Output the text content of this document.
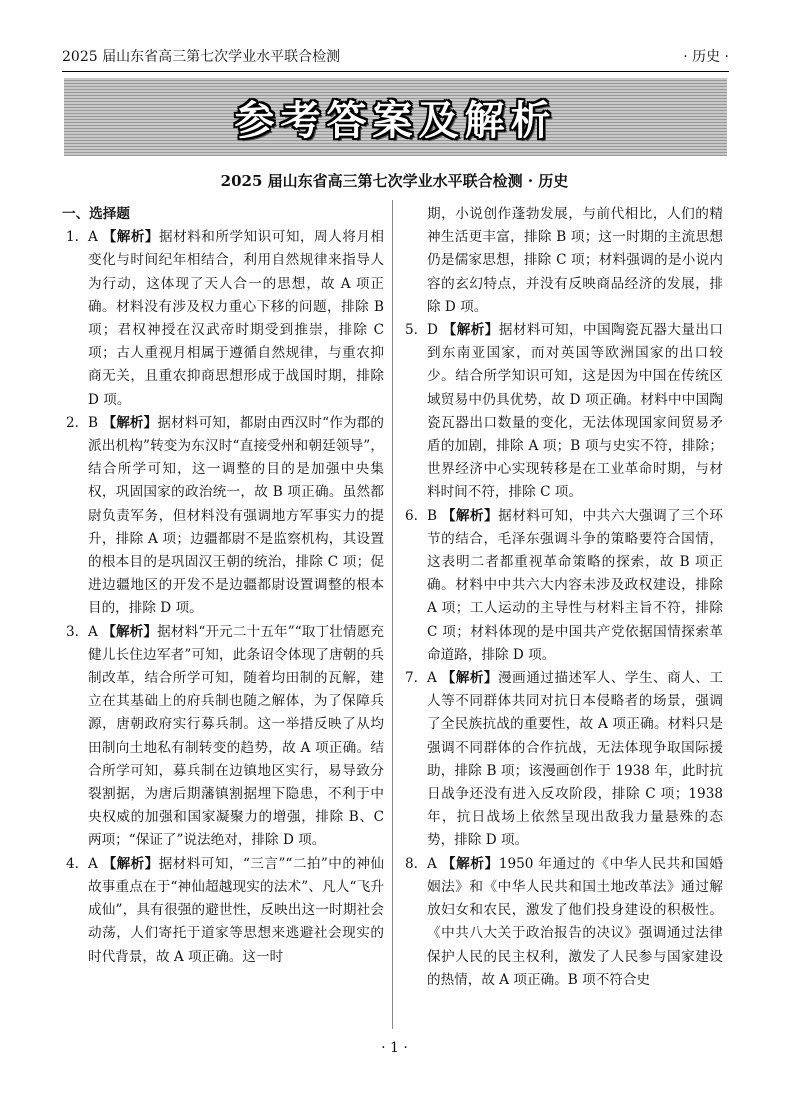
2025 届山东省高三第七次学业水平联合检测	· 历史 ·
参考答案及解析
2025 届山东省高三第七次学业水平联合检测 · 历史
一、选择题
1. A 【解析】据材料和所学知识可知，周人将月相变化与时间纪年相结合，利用自然规律来指导人为行动，这体现了天人合一的思想，故 A 项正确。材料没有涉及权力重心下移的问题，排除 B 项；君权神授在汉武帝时期受到推崇，排除 C 项；古人重视月相属于遵循自然规律，与重农抑商无关，且重农抑商思想形成于战国时期，排除 D 项。
2. B 【解析】据材料可知，都尉由西汉时“作为郡的派出机构”转变为东汉时“直接受州和朝廷领导”，结合所学可知，这一调整的目的是加强中央集权，巩固国家的政治统一，故 B 项正确。虽然都尉负责军务，但材料没有强调地方军事实力的提升，排除 A 项；边疆都尉不是监察机构，其设置的根本目的是巩固汉王朝的统治，排除 C 项；促进边疆地区的开发不是边疆都尉设置调整的根本目的，排除 D 项。
3. A 【解析】据材料“开元二十五年”“取丁壮情愿充健儿长住边军者”可知，此条诏令体现了唐朝的兵制改革，结合所学可知，随着均田制的瓦解，建立在其基础上的府兵制也随之解体，为了保障兵源，唐朝政府实行募兵制。这一举措反映了从均田制向土地私有制转变的趋势，故 A 项正确。结合所学可知，募兵制在边镇地区实行，易导致分裂割据，为唐后期藩镇割据埋下隐患，不利于中央权威的加强和国家凝聚力的增强，排除 B、C 两项；“保证了”说法绝对，排除 D 项。
4. A 【解析】据材料可知，“三言”“二拍”中的神仙故事重点在于“神仙超越现实的法术”、凡人“飞升成仙”，具有很强的避世性，反映出这一时期社会动荡，人们寄托于道家等思想来逃避社会现实的时代背景，故 A 项正确。这一时

期，小说创作蓬勃发展，与前代相比，人们的精神生活更丰富，排除 B 项；这一时期的主流思想仍是儒家思想，排除 C 项；材料强调的是小说内容的玄幻特点，并没有反映商品经济的发展，排除 D 项。

5. D 【解析】据材料可知，中国陶瓷瓦器大量出口到东南亚国家，而对英国等欧洲国家的出口较少。结合所学知识可知，这是因为中国在传统区域贸易中仍具优势，故 D 项正确。材料中中国陶瓷瓦器出口数量的变化，无法体现国家间贸易矛盾的加剧，排除 A 项；B 项与史实不符，排除；世界经济中心实现转移是在工业革命时期，与材料时间不符，排除 C 项。
6. B 【解析】据材料可知，中共六大强调了三个环节的结合，毛泽东强调斗争的策略要符合国情，这表明二者都重视革命策略的探索，故 B 项正确。材料中中共六大内容未涉及政权建设，排除 A 项；工人运动的主导性与材料主旨不符，排除 C 项；材料体现的是中国共产党依据国情探索革命道路，排除 D 项。
7. A 【解析】漫画通过描述军人、学生、商人、工人等不同群体共同对抗日本侵略者的场景，强调了全民族抗战的重要性，故 A 项正确。材料只是强调不同群体的合作抗战，无法体现争取国际援助，排除 B 项；该漫画创作于 1938 年，此时抗日战争还没有进入反攻阶段，排除 C 项；1938 年，抗日战场上依然呈现出敌我力量悬殊的态势，排除 D 项。
8. A 【解析】1950 年通过的《中华人民共和国婚姻法》和《中华人民共和国土地改革法》通过解放妇女和农民，激发了他们投身建设的积极性。《中共八大关于政治报告的决议》强调通过法律保护人民的民主权利，激发了人民参与国家建设的热情，故 A 项正确。B 项不符合史
· 1 ·
